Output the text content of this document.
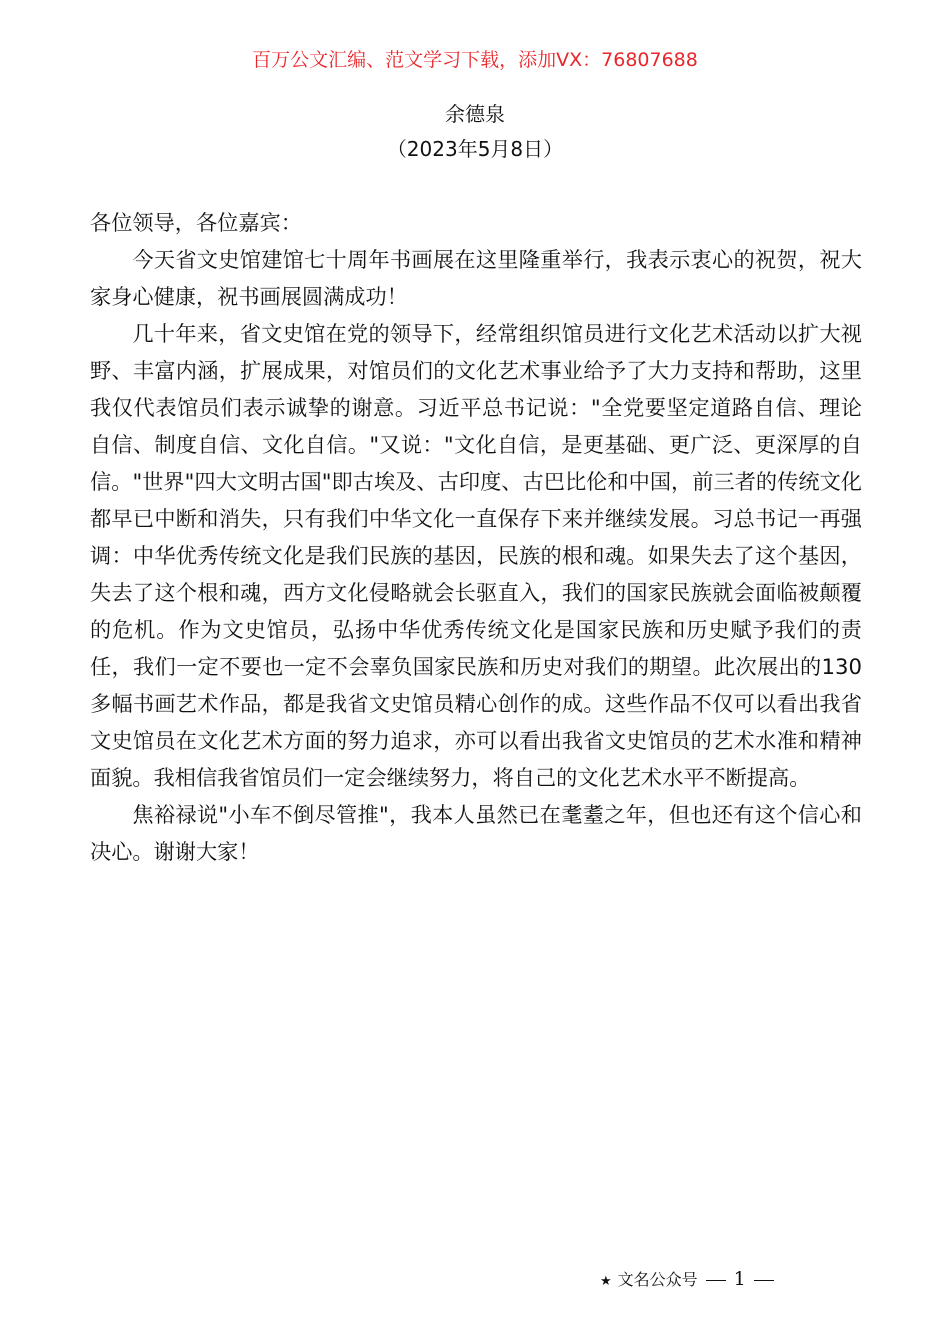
百万公文汇编、范文学习下载，添加VX：76807688
余德泉
（2023年5月8日）

各位领导，各位嘉宾：

今天省文史馆建馆七十周年书画展在这里隆重举行，我表示衷心的祝贺，祝大家身心健康，祝书画展圆满成功！

几十年来，省文史馆在党的领导下，经常组织馆员进行文化艺术活动以扩大视野、丰富内涵，扩展成果，对馆员们的文化艺术事业给予了大力支持和帮助，这里我仅代表馆员们表示诚挚的谢意。习近平总书记说："全党要坚定道路自信、理论自信、制度自信、文化自信。"又说："文化自信，是更基础、更广泛、更深厚的自信。"世界"四大文明古国"即古埃及、古印度、古巴比伦和中国，前三者的传统文化都早已中断和消失，只有我们中华文化一直保存下来并继续发展。习总书记一再强调：中华优秀传统文化是我们民族的基因，民族的根和魂。如果失去了这个基因，失去了这个根和魂，西方文化侵略就会长驱直入，我们的国家民族就会面临被颠覆的危机。作为文史馆员，弘扬中华优秀传统文化是国家民族和历史赋予我们的责任，我们一定不要也一定不会辜负国家民族和历史对我们的期望。此次展出的130多幅书画艺术作品，都是我省文史馆员精心创作的成。这些作品不仅可以看出我省文史馆员在文化艺术方面的努力追求，亦可以看出我省文史馆员的艺术水准和精神面貌。我相信我省馆员们一定会继续努力，将自己的文化艺术水平不断提高。

焦裕禄说"小车不倒尽管推"，我本人虽然已在耄耋之年，但也还有这个信心和决心。谢谢大家！

★ 文名公众号 1
